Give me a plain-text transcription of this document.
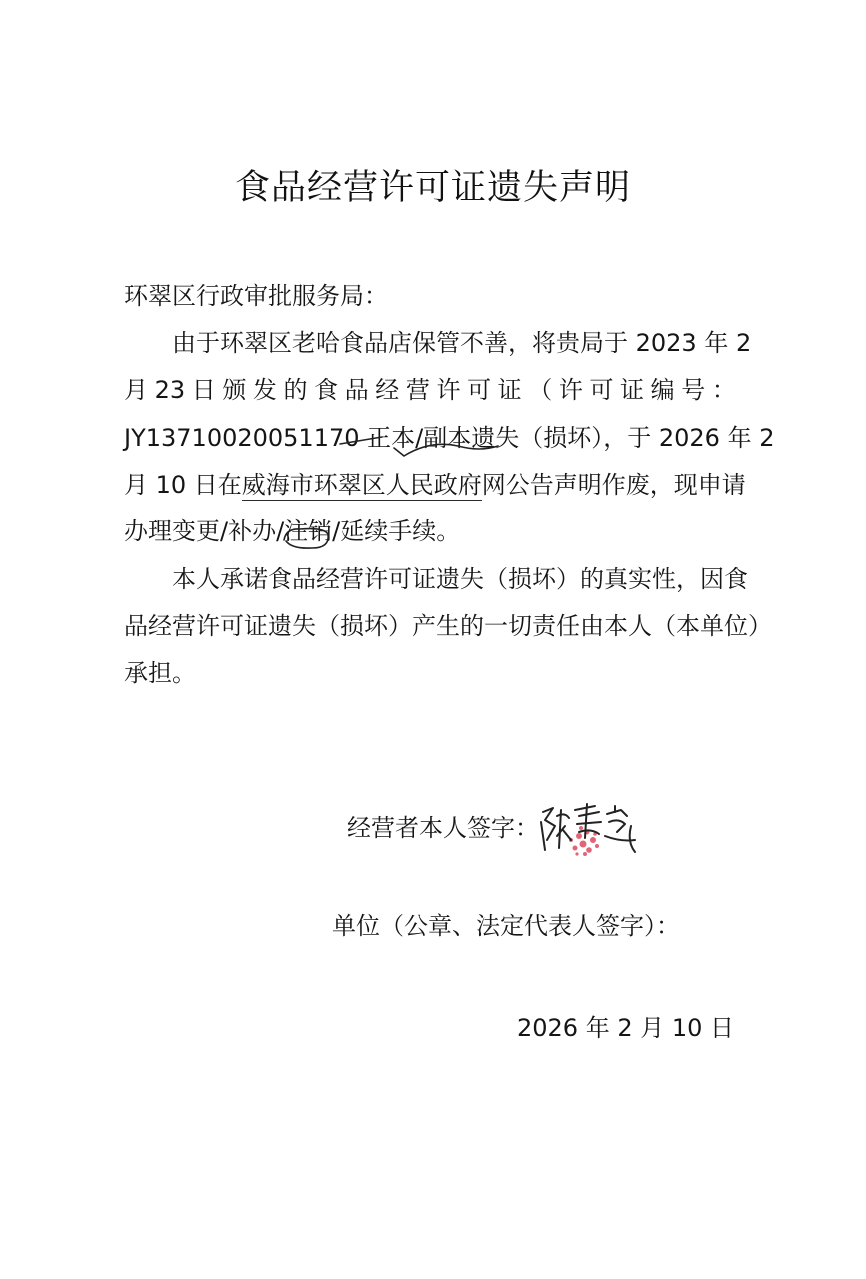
食品经营许可证遗失声明
环翠区行政审批服务局：
由于环翠区老哈食品店保管不善，将贵局于 2023 年 2
月 23 日 颁 发 的 食 品 经 营 许 可 证 （ 许 可 证 编 号 ：
JY13710020051170 正本/副本遗失（损坏），于 2026 年 2
月 10 日在威海市环翠区人民政府网公告声明作废，现申请
办理变更/补办/注销/延续手续。
本人承诺食品经营许可证遗失（损坏）的真实性，因食
品经营许可证遗失（损坏）产生的一切责任由本人（本单位）
承担。
经营者本人签字：
单位（公章、法定代表人签字）：
2026 年 2 月 10 日
